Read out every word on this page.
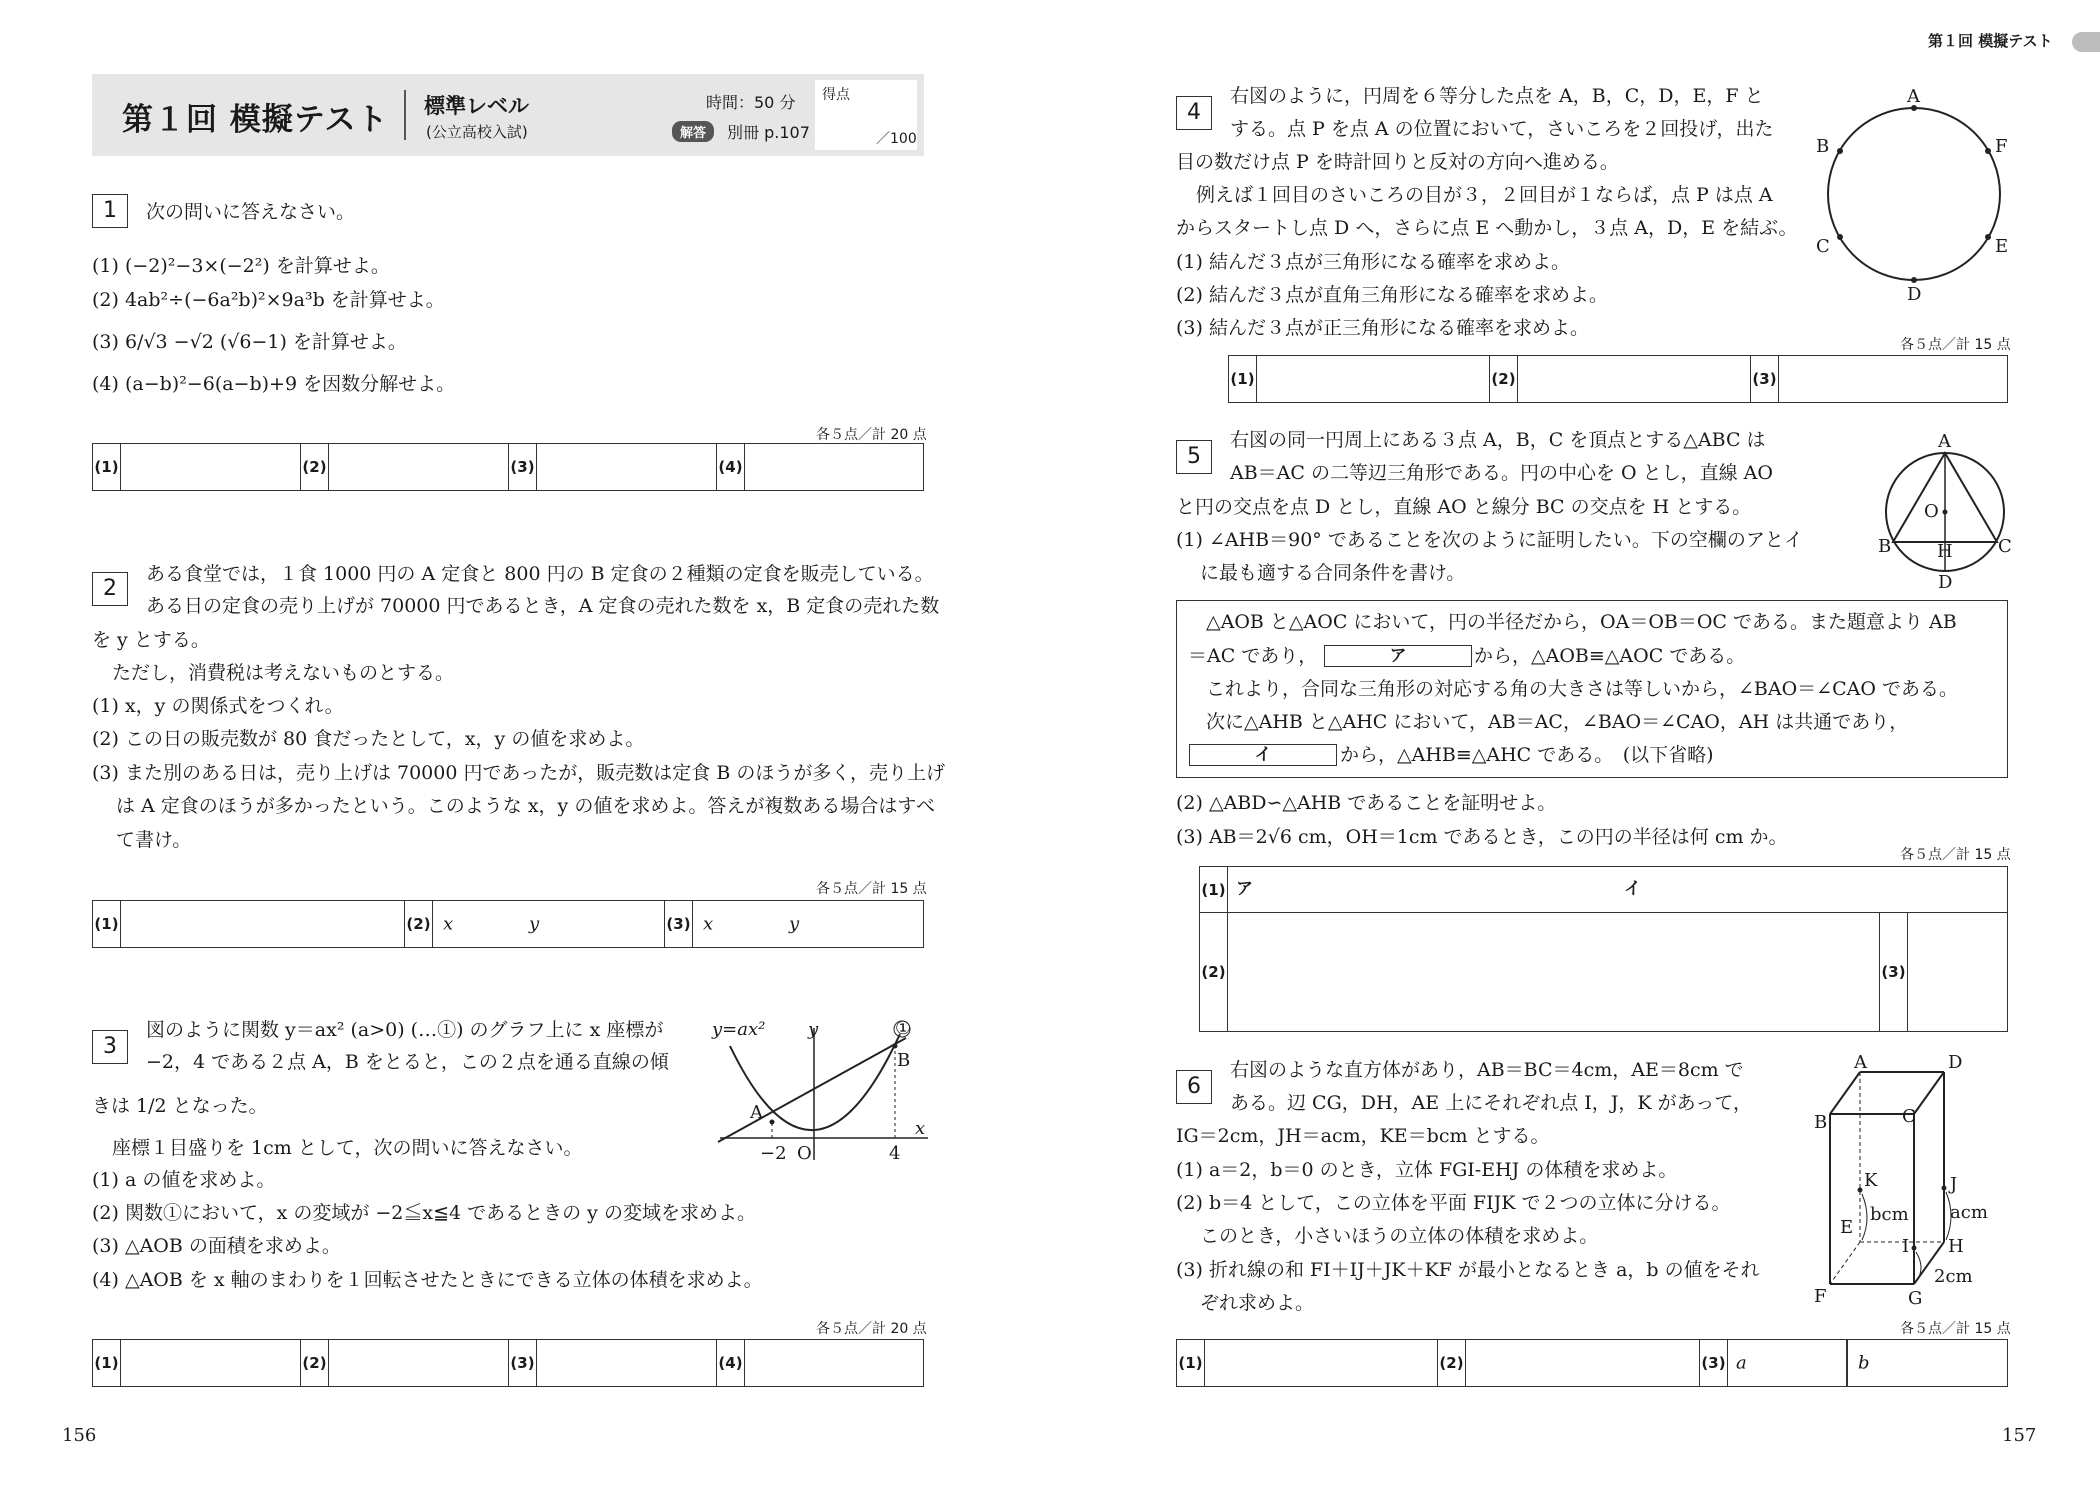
第１回 模擬テスト 標準レベル
(公立高校入試)
時間：50 分
解答	別冊 p.107
得点
／100
1	次の問いに答えなさい。
(1) (−2)²−3×(−2²) を計算せよ。
(2) 4ab²÷(−6a²b)²×9a³b を計算せよ。
(3) 6/√3 −√2 (√6−1) を計算せよ。
(4) (a−b)²−6(a−b)+9 を因数分解せよ。
各５点／計 20 点
(1)	(2)	(3)	(4)
2
ある食堂では，１食 1000 円の A 定食と 800 円の B 定食の２種類の定食を販売している。
ある日の定食の売り上げが 70000 円であるとき，A 定食の売れた数を x，B 定食の売れた数
を y とする。
ただし，消費税は考えないものとする。
(1) x，y の関係式をつくれ。
(2) この日の販売数が 80 食だったとして，x，y の値を求めよ。
(3) また別のある日は，売り上げは 70000 円であったが，販売数は定食 B のほうが多く，売り上げ
は A 定食のほうが多かったという。このような x，y の値を求めよ。答えが複数ある場合はすべ
て書け。
各５点／計 15 点
(1)	(2) x	y	(3) x	y
3
図のように関数 y＝ax² (a>0) (…①) のグラフ上に x 座標が
−2，4 である２点 A，B をとると，この２点を通る直線の傾
きは 1/2 となった。
座標１目盛りを 1cm として，次の問いに答えなさい。
(1) a の値を求めよ。
(2) 関数①において，x の変域が −2≦x≦4 であるときの y の変域を求めよ。
(3) △AOB の面積を求めよ。
(4) △AOB を x 軸のまわりを１回転させたときにできる立体の体積を求めよ。
y=ax² y
x
A
B
①
−2 O	4
各５点／計 20 点
(1)	(2)	(3)	(4)
156
第１回 模擬テスト
4
右図のように，円周を６等分した点を A，B，C，D，E，F と
する。点 P を点 A の位置において，さいころを２回投げ，出た
目の数だけ点 P を時計回りと反対の方向へ進める。
例えば１回目のさいころの目が３，２回目が１ならば，点 P は点 A
からスタートし点 D へ，さらに点 E へ動かし，３点 A，D，E を結ぶ。
(1) 結んだ３点が三角形になる確率を求めよ。
(2) 結んだ３点が直角三角形になる確率を求めよ。
(3) 結んだ３点が正三角形になる確率を求めよ。
A
B
C
D
E
F
各５点／計 15 点
(1)	(2)	(3)
5
右図の同一円周上にある３点 A，B，C を頂点とする△ABC は
AB＝AC の二等辺三角形である。円の中心を O とし，直線 AO
と円の交点を点 D とし，直線 AO と線分 BC の交点を H とする。
(1) ∠AHB＝90° であることを次のように証明したい。下の空欄のアとイ
に最も適する合同条件を書け。
A
O
B	H	C
D
△AOB と△AOC において，円の半径だから，OA＝OB＝OC である。また題意より AB
＝AC であり，	ア	から，△AOB≡△AOC である。
これより，合同な三角形の対応する角の大きさは等しいから，∠BAO＝∠CAO である。
次に△AHB と△AHC において，AB＝AC，∠BAO＝∠CAO，AH は共通であり，
イ	から，△AHB≡△AHC である。　(以下省略)
(2) △ABD∽△AHB であることを証明せよ。
(3) AB＝2√6 cm，OH＝1cm であるとき，この円の半径は何 cm か。
各５点／計 15 点
(1) ア	イ
(2)	(3)
6
右図のような直方体があり，AB＝BC＝4cm，AE＝8cm で
ある。辺 CG，DH，AE 上にそれぞれ点 I，J，K があって，
IG＝2cm，JH＝acm，KE＝bcm とする。
(1) a＝2，b＝0 のとき，立体 FGI-EHJ の体積を求めよ。
(2) b＝4 として，この立体を平面 FIJK で２つの立体に分ける。
このとき，小さいほうの立体の体積を求めよ。
(3) 折れ線の和 FI＋IJ＋JK＋KF が最小となるとき a，b の値をそれ
ぞれ求めよ。
A	D
B	C
K	J
E
I H
F	G
bcm acm
2cm
各５点／計 15 点
(1)	(2)	(3) a	b
157
